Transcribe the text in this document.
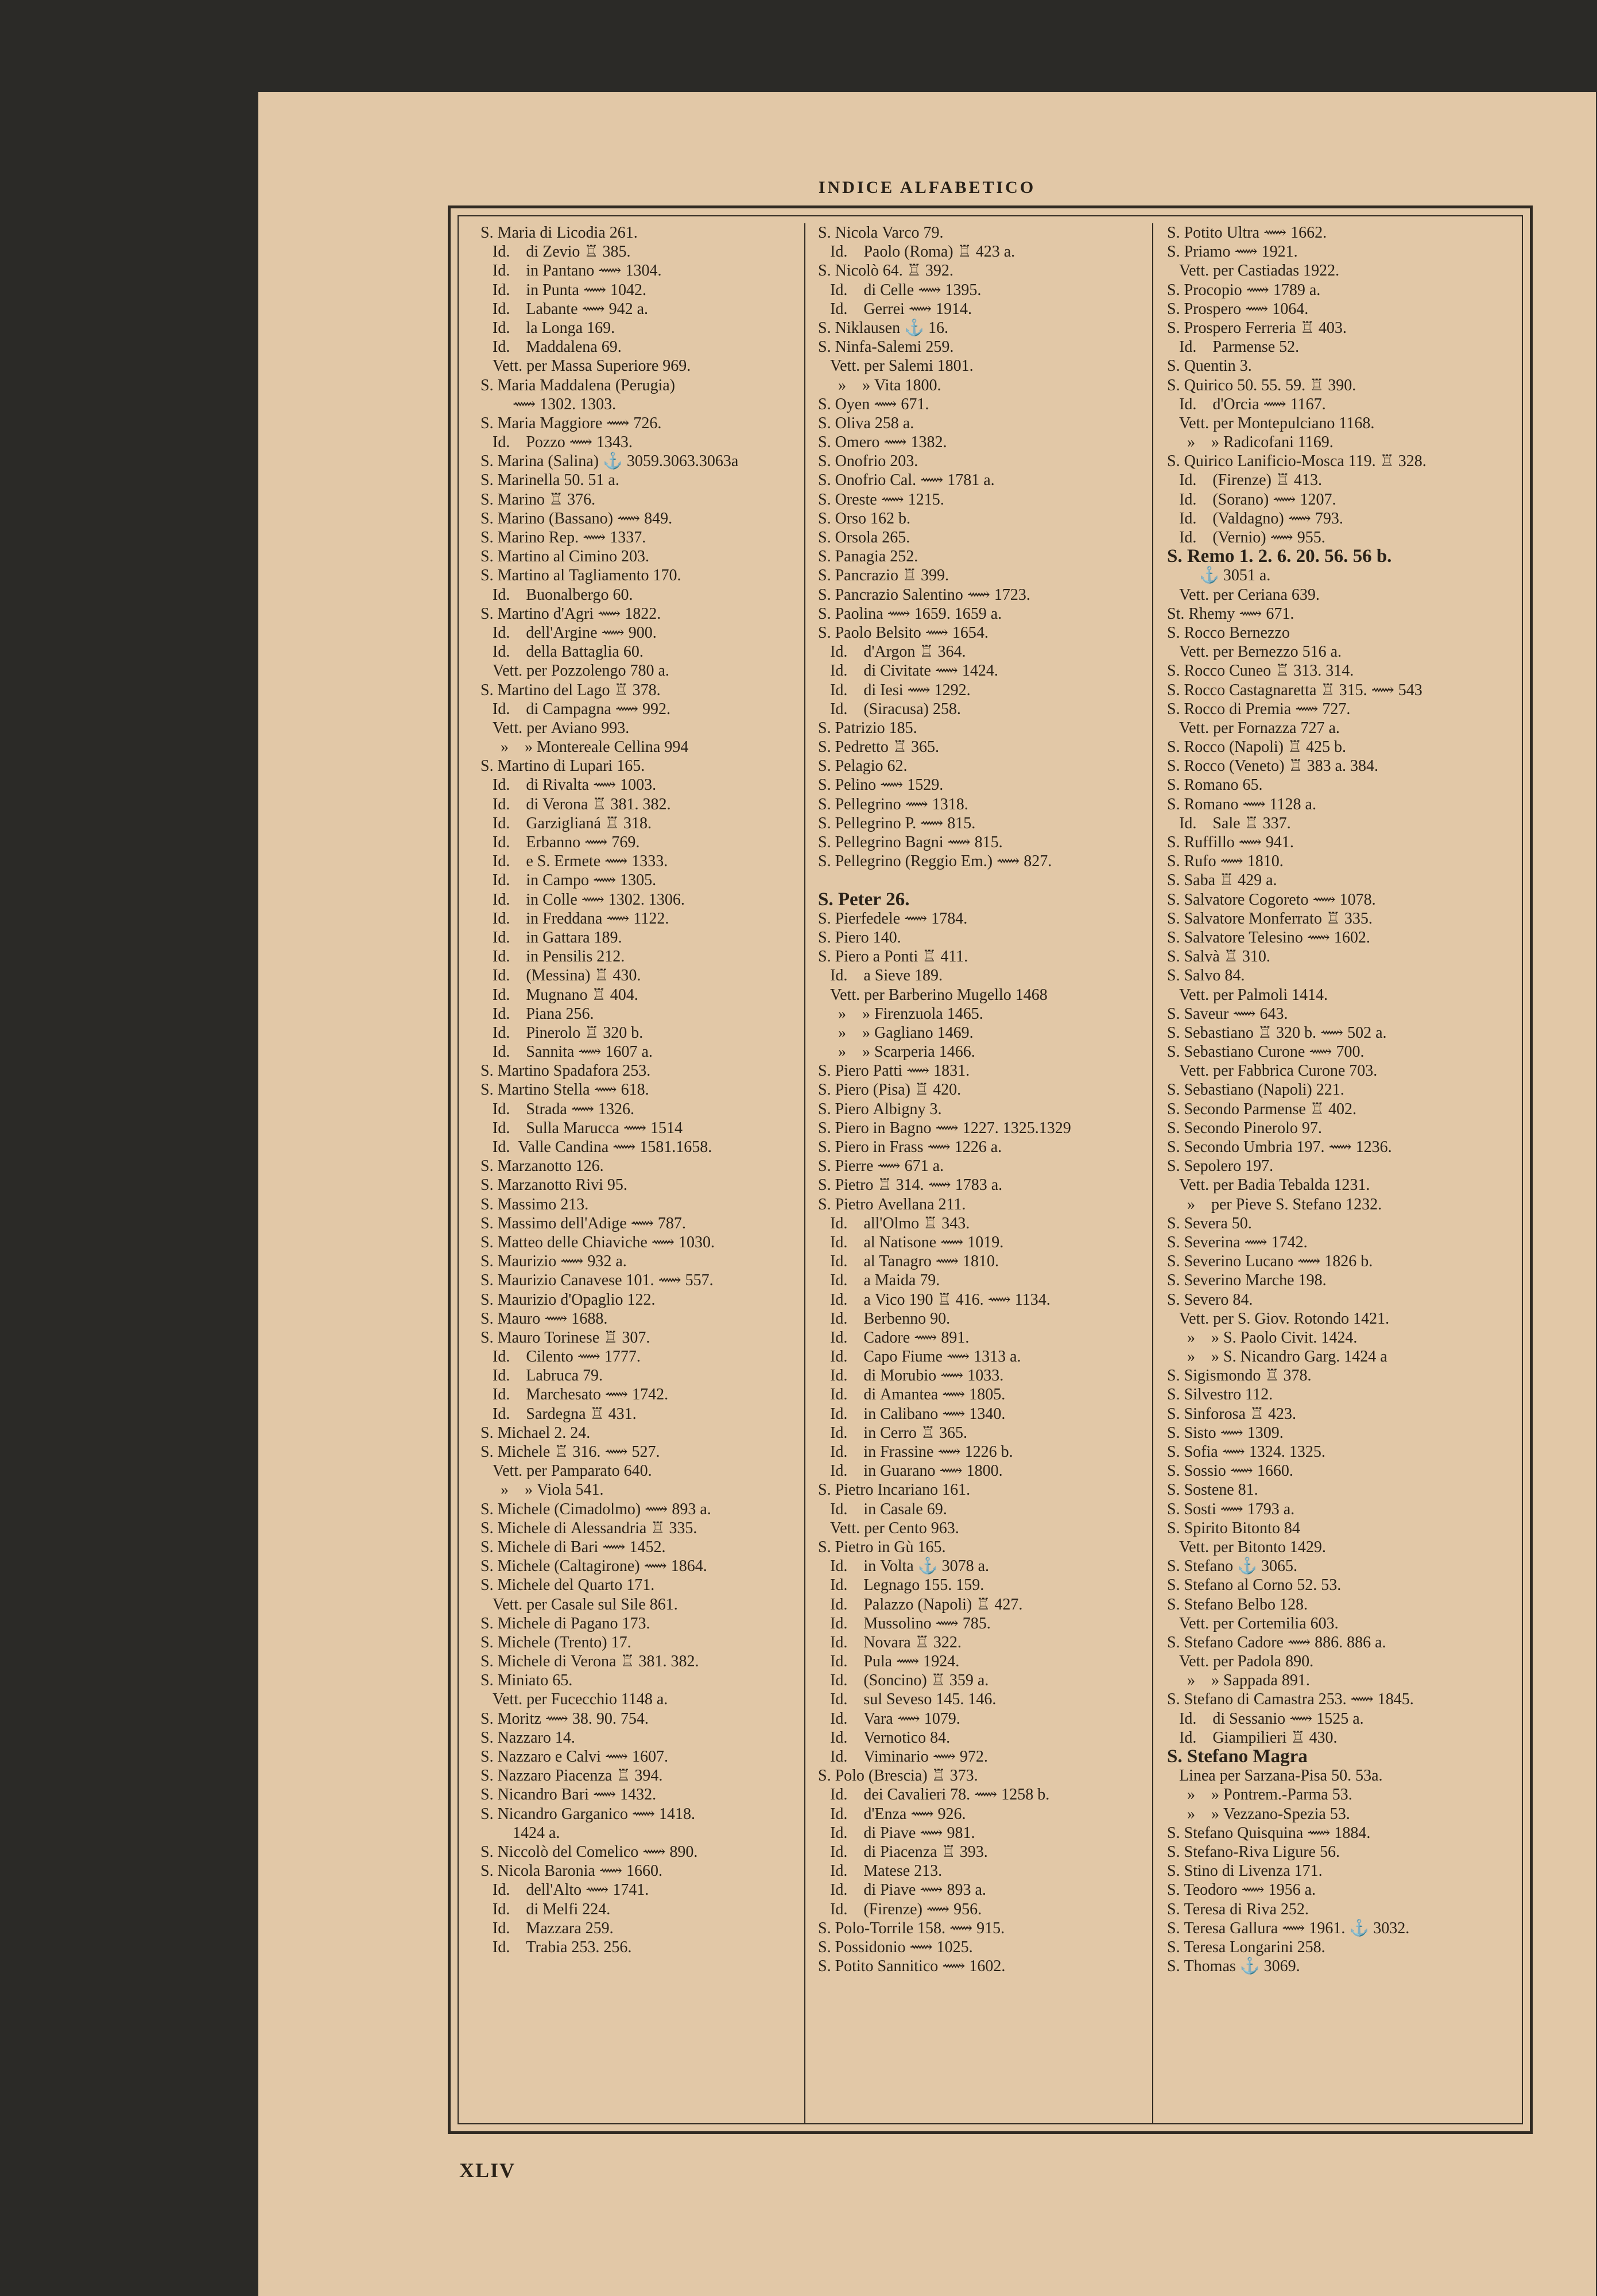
INDICE ALFABETICO
S. Maria di Licodia 261.
Id.    di Zevio ♖ 385.
Id.    in Pantano ⟿ 1304.
Id.    in Punta ⟿ 1042.
Id.    Labante ⟿ 942 a.
Id.    la Longa 169.
Id.    Maddalena 69.
Vett. per Massa Superiore 969.
S. Maria Maddalena (Perugia)
⟿ 1302. 1303.
S. Maria Maggiore ⟿ 726.
Id.    Pozzo ⟿ 1343.
S. Marina (Salina) ⚓ 3059.3063.3063a
S. Marinella 50. 51 a.
S. Marino ♖ 376.
S. Marino (Bassano) ⟿ 849.
S. Marino Rep. ⟿ 1337.
S. Martino al Cimino 203.
S. Martino al Tagliamento 170.
Id.    Buonalbergo 60.
S. Martino d'Agri ⟿ 1822.
Id.    dell'Argine ⟿ 900.
Id.    della Battaglia 60.
Vett. per Pozzolengo 780 a.
S. Martino del Lago ♖ 378.
Id.    di Campagna ⟿ 992.
Vett. per Aviano 993.
»    » Montereale Cellina 994
S. Martino di Lupari 165.
Id.    di Rivalta ⟿ 1003.
Id.    di Verona ♖ 381. 382.
Id.    Garziglianá ♖ 318.
Id.    Erbanno ⟿ 769.
Id.    e S. Ermete ⟿ 1333.
Id.    in Campo ⟿ 1305.
Id.    in Colle ⟿ 1302. 1306.
Id.    in Freddana ⟿ 1122.
Id.    in Gattara 189.
Id.    in Pensilis 212.
Id.    (Messina) ♖ 430.
Id.    Mugnano ♖ 404.
Id.    Piana 256.
Id.    Pinerolo ♖ 320 b.
Id.    Sannita ⟿ 1607 a.
S. Martino Spadafora 253.
S. Martino Stella ⟿ 618.
Id.    Strada ⟿ 1326.
Id.    Sulla Marucca ⟿ 1514
Id.  Valle Candina ⟿ 1581.1658.
S. Marzanotto 126.
S. Marzanotto Rivi 95.
S. Massimo 213.
S. Massimo dell'Adige ⟿ 787.
S. Matteo delle Chiaviche ⟿ 1030.
S. Maurizio ⟿ 932 a.
S. Maurizio Canavese 101. ⟿ 557.
S. Maurizio d'Opaglio 122.
S. Mauro ⟿ 1688.
S. Mauro Torinese ♖ 307.
Id.    Cilento ⟿ 1777.
Id.    Labruca 79.
Id.    Marchesato ⟿ 1742.
Id.    Sardegna ♖ 431.
S. Michael 2. 24.
S. Michele ♖ 316. ⟿ 527.
Vett. per Pamparato 640.
»    » Viola 541.
S. Michele (Cimadolmo) ⟿ 893 a.
S. Michele di Alessandria ♖ 335.
S. Michele di Bari ⟿ 1452.
S. Michele (Caltagirone) ⟿ 1864.
S. Michele del Quarto 171.
Vett. per Casale sul Sile 861.
S. Michele di Pagano 173.
S. Michele (Trento) 17.
S. Michele di Verona ♖ 381. 382.
S. Miniato 65.
Vett. per Fucecchio 1148 a.
S. Moritz ⟿ 38. 90. 754.
S. Nazzaro 14.
S. Nazzaro e Calvi ⟿ 1607.
S. Nazzaro Piacenza ♖ 394.
S. Nicandro Bari ⟿ 1432.
S. Nicandro Garganico ⟿ 1418.
1424 a.
S. Niccolò del Comelico ⟿ 890.
S. Nicola Baronia ⟿ 1660.
Id.    dell'Alto ⟿ 1741.
Id.    di Melfi 224.
Id.    Mazzara 259.
Id.    Trabia 253. 256.
S. Nicola Varco 79.
Id.    Paolo (Roma) ♖ 423 a.
S. Nicolò 64. ♖ 392.
Id.    di Celle ⟿ 1395.
Id.    Gerrei ⟿ 1914.
S. Niklausen ⚓ 16.
S. Ninfa-Salemi 259.
Vett. per Salemi 1801.
»    » Vita 1800.
S. Oyen ⟿ 671.
S. Oliva 258 a.
S. Omero ⟿ 1382.
S. Onofrio 203.
S. Onofrio Cal. ⟿ 1781 a.
S. Oreste ⟿ 1215.
S. Orso 162 b.
S. Orsola 265.
S. Panagia 252.
S. Pancrazio ♖ 399.
S. Pancrazio Salentino ⟿ 1723.
S. Paolina ⟿ 1659. 1659 a.
S. Paolo Belsito ⟿ 1654.
Id.    d'Argon ♖ 364.
Id.    di Civitate ⟿ 1424.
Id.    di Iesi ⟿ 1292.
Id.    (Siracusa) 258.
S. Patrizio 185.
S. Pedretto ♖ 365.
S. Pelagio 62.
S. Pelino ⟿ 1529.
S. Pellegrino ⟿ 1318.
S. Pellegrino P. ⟿ 815.
S. Pellegrino Bagni ⟿ 815.
S. Pellegrino (Reggio Em.) ⟿ 827.
S. Peter 26.
S. Pierfedele ⟿ 1784.
S. Piero 140.
S. Piero a Ponti ♖ 411.
Id.    a Sieve 189.
Vett. per Barberino Mugello 1468
»    » Firenzuola 1465.
»    » Gagliano 1469.
»    » Scarperia 1466.
S. Piero Patti ⟿ 1831.
S. Piero (Pisa) ♖ 420.
S. Piero Albigny 3.
S. Piero in Bagno ⟿ 1227. 1325.1329
S. Piero in Frass ⟿ 1226 a.
S. Pierre ⟿ 671 a.
S. Pietro ♖ 314. ⟿ 1783 a.
S. Pietro Avellana 211.
Id.    all'Olmo ♖ 343.
Id.    al Natisone ⟿ 1019.
Id.    al Tanagro ⟿ 1810.
Id.    a Maida 79.
Id.    a Vico 190 ♖ 416. ⟿ 1134.
Id.    Berbenno 90.
Id.    Cadore ⟿ 891.
Id.    Capo Fiume ⟿ 1313 a.
Id.    di Morubio ⟿ 1033.
Id.    di Amantea ⟿ 1805.
Id.    in Calibano ⟿ 1340.
Id.    in Cerro ♖ 365.
Id.    in Frassine ⟿ 1226 b.
Id.    in Guarano ⟿ 1800.
S. Pietro Incariano 161.
Id.    in Casale 69.
Vett. per Cento 963.
S. Pietro in Gù 165.
Id.    in Volta ⚓ 3078 a.
Id.    Legnago 155. 159.
Id.    Palazzo (Napoli) ♖ 427.
Id.    Mussolino ⟿ 785.
Id.    Novara ♖ 322.
Id.    Pula ⟿ 1924.
Id.    (Soncino) ♖ 359 a.
Id.    sul Seveso 145. 146.
Id.    Vara ⟿ 1079.
Id.    Vernotico 84.
Id.    Viminario ⟿ 972.
S. Polo (Brescia) ♖ 373.
Id.    dei Cavalieri 78. ⟿ 1258 b.
Id.    d'Enza ⟿ 926.
Id.    di Piave ⟿ 981.
Id.    di Piacenza ♖ 393.
Id.    Matese 213.
Id.    di Piave ⟿ 893 a.
Id.    (Firenze) ⟿ 956.
S. Polo-Torrile 158. ⟿ 915.
S. Possidonio ⟿ 1025.
S. Potito Sannitico ⟿ 1602.
S. Potito Ultra ⟿ 1662.
S. Priamo ⟿ 1921.
Vett. per Castiadas 1922.
S. Procopio ⟿ 1789 a.
S. Prospero ⟿ 1064.
S. Prospero Ferreria ♖ 403.
Id.    Parmense 52.
S. Quentin 3.
S. Quirico 50. 55. 59. ♖ 390.
Id.    d'Orcia ⟿ 1167.
Vett. per Montepulciano 1168.
»    » Radicofani 1169.
S. Quirico Lanificio-Mosca 119. ♖ 328.
Id.    (Firenze) ♖ 413.
Id.    (Sorano) ⟿ 1207.
Id.    (Valdagno) ⟿ 793.
Id.    (Vernio) ⟿ 955.
S. Remo 1. 2. 6. 20. 56. 56 b.
⚓ 3051 a.
Vett. per Ceriana 639.
St. Rhemy ⟿ 671.
S. Rocco Bernezzo
Vett. per Bernezzo 516 a.
S. Rocco Cuneo ♖ 313. 314.
S. Rocco Castagnaretta ♖ 315. ⟿ 543
S. Rocco di Premia ⟿ 727.
Vett. per Fornazza 727 a.
S. Rocco (Napoli) ♖ 425 b.
S. Rocco (Veneto) ♖ 383 a. 384.
S. Romano 65.
S. Romano ⟿ 1128 a.
Id.    Sale ♖ 337.
S. Ruffillo ⟿ 941.
S. Rufo ⟿ 1810.
S. Saba ♖ 429 a.
S. Salvatore Cogoreto ⟿ 1078.
S. Salvatore Monferrato ♖ 335.
S. Salvatore Telesino ⟿ 1602.
S. Salvà ♖ 310.
S. Salvo 84.
Vett. per Palmoli 1414.
S. Saveur ⟿ 643.
S. Sebastiano ♖ 320 b. ⟿ 502 a.
S. Sebastiano Curone ⟿ 700.
Vett. per Fabbrica Curone 703.
S. Sebastiano (Napoli) 221.
S. Secondo Parmense ♖ 402.
S. Secondo Pinerolo 97.
S. Secondo Umbria 197. ⟿ 1236.
S. Sepolero 197.
Vett. per Badia Tebalda 1231.
»    per Pieve S. Stefano 1232.
S. Severa 50.
S. Severina ⟿ 1742.
S. Severino Lucano ⟿ 1826 b.
S. Severino Marche 198.
S. Severo 84.
Vett. per S. Giov. Rotondo 1421.
»    » S. Paolo Civit. 1424.
»    » S. Nicandro Garg. 1424 a
S. Sigismondo ♖ 378.
S. Silvestro 112.
S. Sinforosa ♖ 423.
S. Sisto ⟿ 1309.
S. Sofia ⟿ 1324. 1325.
S. Sossio ⟿ 1660.
S. Sostene 81.
S. Sosti ⟿ 1793 a.
S. Spirito Bitonto 84
Vett. per Bitonto 1429.
S. Stefano ⚓ 3065.
S. Stefano al Corno 52. 53.
S. Stefano Belbo 128.
Vett. per Cortemilia 603.
S. Stefano Cadore ⟿ 886. 886 a.
Vett. per Padola 890.
»    » Sappada 891.
S. Stefano di Camastra 253. ⟿ 1845.
Id.    di Sessanio ⟿ 1525 a.
Id.    Giampilieri ♖ 430.
S. Stefano Magra
Linea per Sarzana-Pisa 50. 53a.
»    » Pontrem.-Parma 53.
»    » Vezzano-Spezia 53.
S. Stefano Quisquina ⟿ 1884.
S. Stefano-Riva Ligure 56.
S. Stino di Livenza 171.
S. Teodoro ⟿ 1956 a.
S. Teresa di Riva 252.
S. Teresa Gallura ⟿ 1961. ⚓ 3032.
S. Teresa Longarini 258.
S. Thomas ⚓ 3069.
XLIV
